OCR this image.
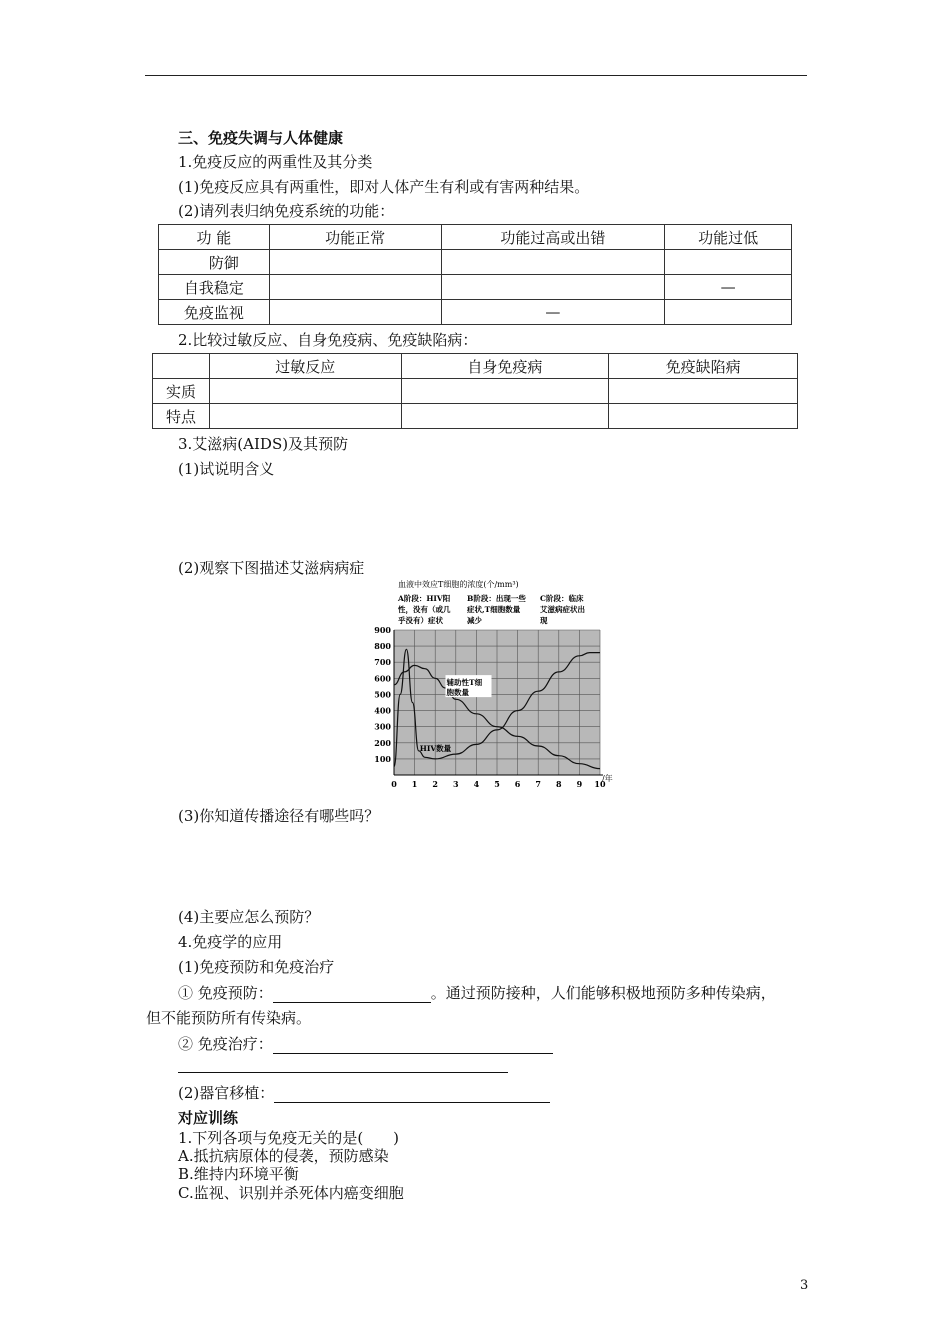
三、免疫失调与人体健康
1.免疫反应的两重性及其分类
(1)免疫反应具有两重性，即对人体产生有利或有害两种结果。
(2)请列表归纳免疫系统的功能：
功 能	功能正常	功能过高或出错	功能过低
防御			
自我稳定			—
免疫监视		—	
2.比较过敏反应、自身免疫病、免疫缺陷病：
	过敏反应	自身免疫病	免疫缺陷病
实质			
特点			
3.艾滋病(AIDS)及其预防
(1)试说明含义
(2)观察下图描述艾滋病病症
血液中效应T细胞的浓度(个/mm³)
A阶段：HIV阳 性，没有（或几 乎没有）症状
B阶段：出现一些 症状,T细胞数量 减少
C阶段：临床 艾滋病症状出 现
0 1 2 3 4 5 6 7 8 9 10
100
200
300
400
500
600
700
800
900
辅助性T细胞数量
HIV数量
/年
(3)你知道传播途径有哪些吗？
(4)主要应怎么预防？
4.免疫学的应用
(1)免疫预防和免疫治疗
① 免疫预防：	。通过预防接种，人们能够积极地预防多种传染病，
但不能预防所有传染病。
② 免疫治疗：
(2)器官移植：
对应训练
1.下列各项与免疫无关的是(　　)
A.抵抗病原体的侵袭，预防感染
B.维持内环境平衡
C.监视、识别并杀死体内癌变细胞
3
